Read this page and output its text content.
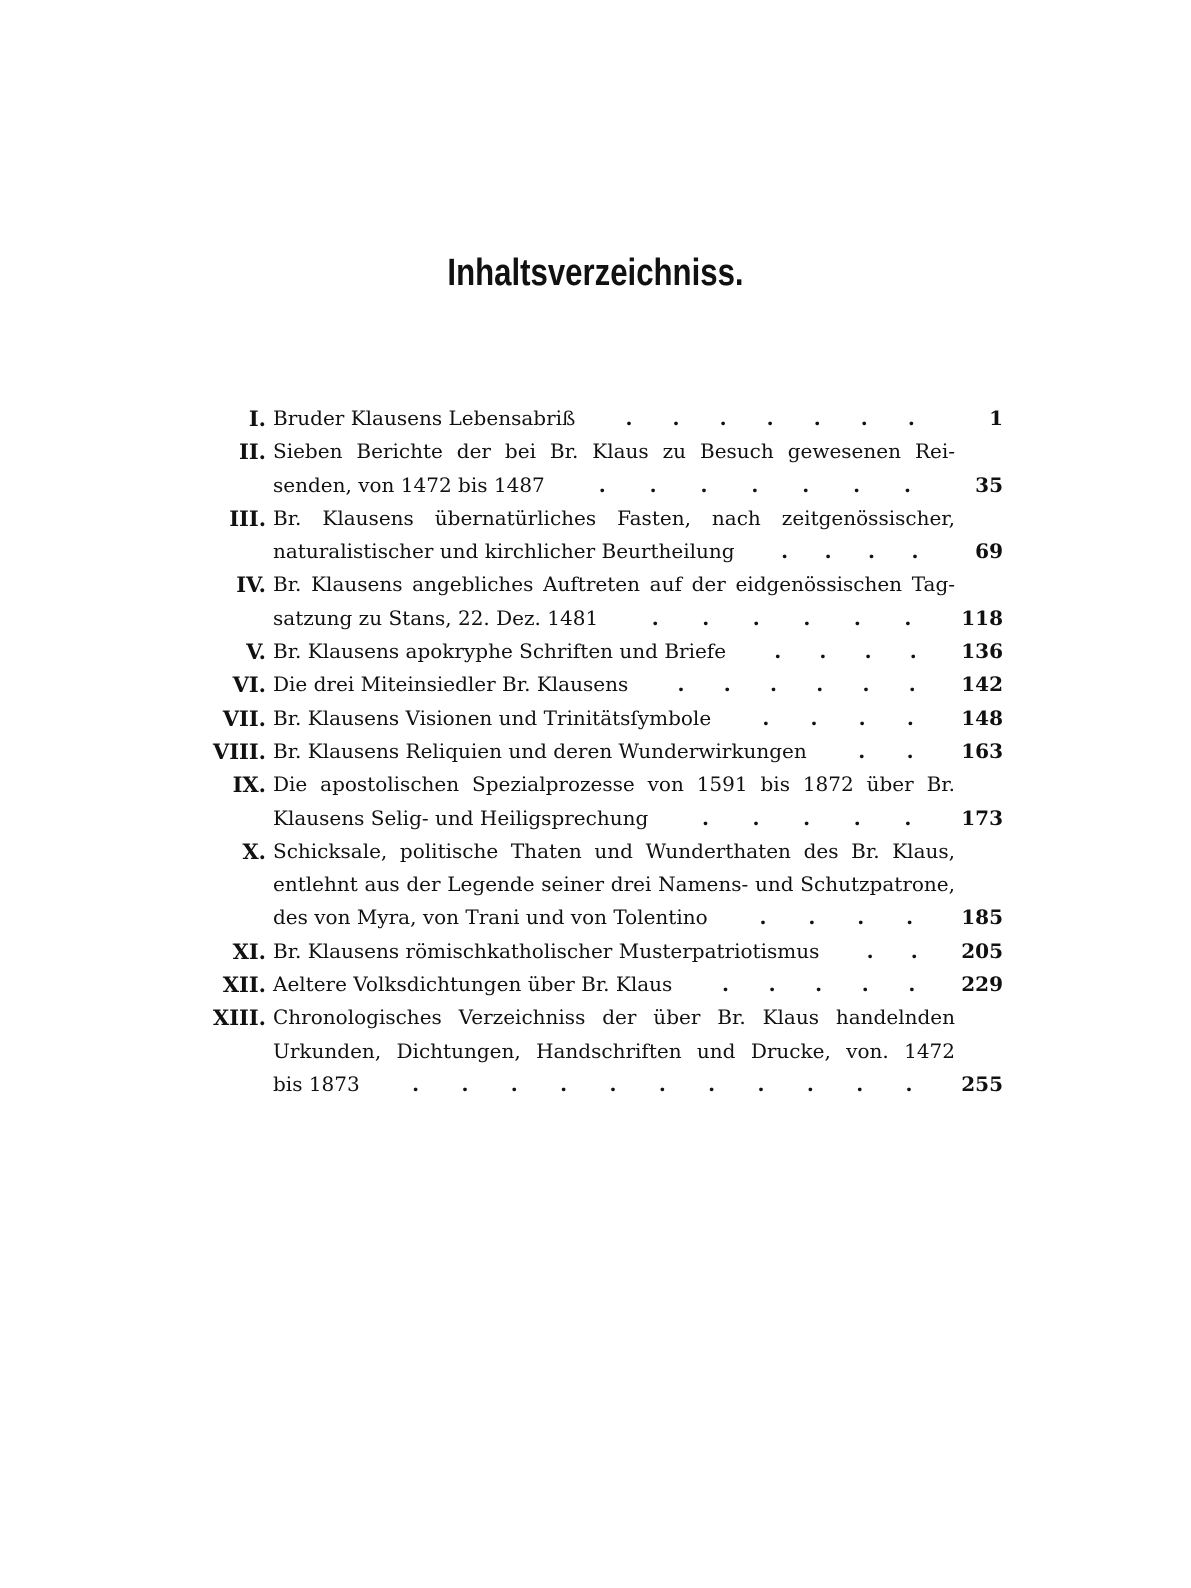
Inhaltsverzeichniss.
I. Bruder Klausens Lebensabriß	. . . . . . .	1
II. Sieben Berichte der bei Br. Klaus zu Besuch gewesenen Rei-
senden, von 1472 bis 1487	. . . . . . .	35
III. Br. Klausens übernatürliches Fasten, nach zeitgenössischer,
naturalistischer und kirchlicher Beurtheilung . . . .	69
IV. Br. Klausens angebliches Auftreten auf der eidgenössischen Tag-
satzung zu Stans, 22. Dez. 1481	. . . . . .	118
V. Br. Klausens apokryphe Schriften und Briefe . . . .	136
VI. Die drei Miteinsiedler Br. Klausens . . . . . .	142
VII. Br. Klausens Visionen und Trinitätsſymbole	. . . .	148
VIII. Br. Klausens Reliquien und deren Wunderwirkungen	. .	163
IX. Die apostolischen Spezialprozesse von 1591 bis 1872 über Br.
Klausens Selig- und Heiligsprechung	. . . . .	173
X. Schicksale, politische Thaten und Wunderthaten des Br. Klaus,
entlehnt aus der Legende seiner drei Namens- und Schutzpatrone,
des von Myra, von Trani und von Tolentino	. . . .	185
XI. Br. Klausens römischkatholischer Musterpatriotismus . .	205
XII. Aeltere Volksdichtungen über Br. Klaus . . . . .	229
XIII. Chronologisches Verzeichniss der über Br. Klaus handelnden
Urkunden, Dichtungen, Handschriften und Drucke, von. 1472
bis 1873	. . . . . . . . . . .	255
